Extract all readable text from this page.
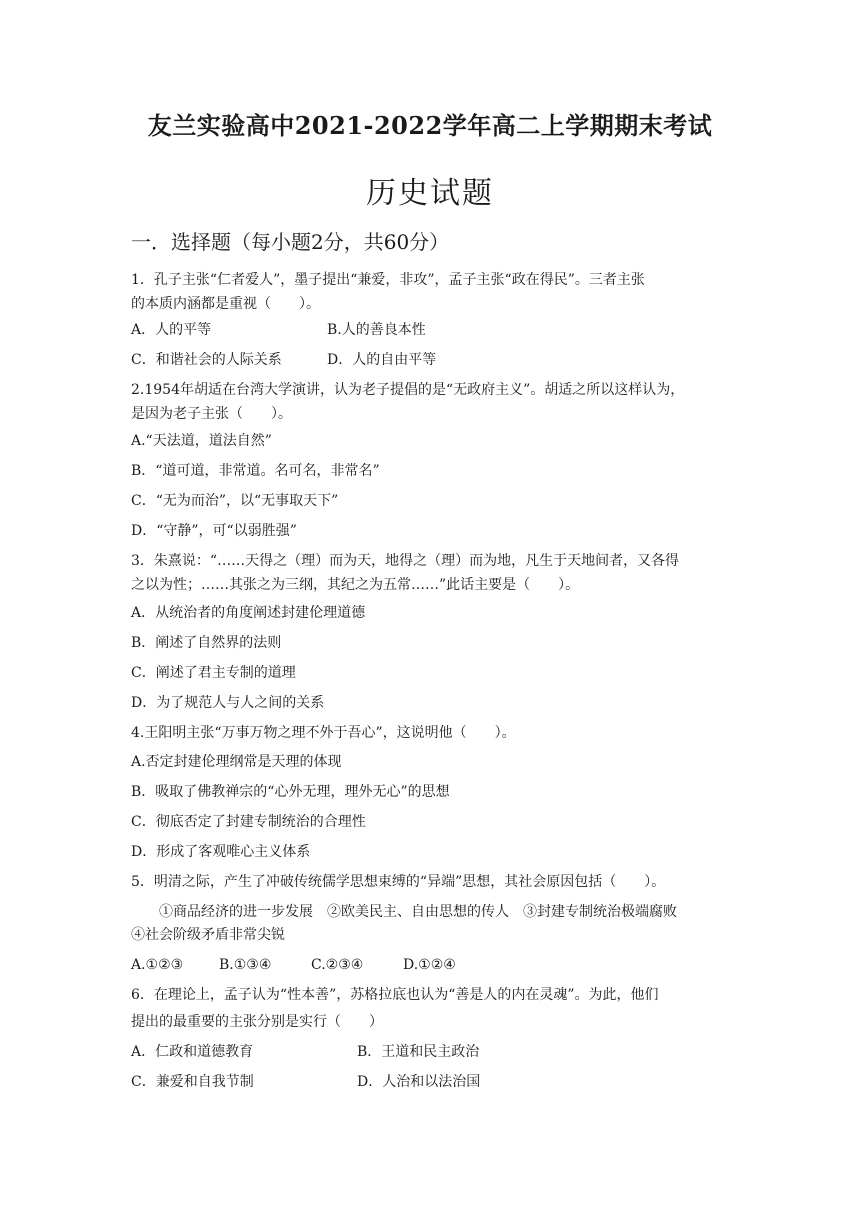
友兰实验高中2021-2022学年高二上学期期末考试
历史试题
一．选择题（每小题2分，共60分）
1．孔子主张“仁者爱人”，墨子提出“兼爱，非攻”，孟子主张“政在得民”。三者主张
的本质内涵都是重视（　　）。
A．人的平等	B.人的善良本性
C．和谐社会的人际关系	D．人的自由平等
2.1954年胡适在台湾大学演讲，认为老子提倡的是“无政府主义”。胡适之所以这样认为，
是因为老子主张（　　）。
A.“天法道，道法自然”
B．“道可道，非常道。名可名，非常名”
C．“无为而治”，以“无事取天下”
D．“守静”，可“以弱胜强”
3．朱熹说：“……天得之（理）而为天，地得之（理）而为地，凡生于天地间者，又各得
之以为性；……其张之为三纲，其纪之为五常……”此话主要是（　　）。
A．从统治者的角度阐述封建伦理道德
B．阐述了自然界的法则
C．阐述了君主专制的道理
D．为了规范人与人之间的关系
4.王阳明主张“万事万物之理不外于吾心”，这说明他（　　）。
A.否定封建伦理纲常是天理的体现
B．吸取了佛教禅宗的“心外无理，理外无心”的思想
C．彻底否定了封建专制统治的合理性
D．形成了客观唯心主义体系
5．明清之际，产生了冲破传统儒学思想束缚的“异端”思想，其社会原因包括（　　）。
①商品经济的进一步发展　②欧美民主、自由思想的传人　③封建专制统治极端腐败
④社会阶级矛盾非常尖锐
A.①②③	B.①③④	C.②③④	D.①②④
6．在理论上，孟子认为“性本善”，苏格拉底也认为“善是人的内在灵魂”。为此，他们
提出的最重要的主张分别是实行（　　）
A．仁政和道德教育	B．王道和民主政治
C．兼爱和自我节制	D．人治和以法治国
